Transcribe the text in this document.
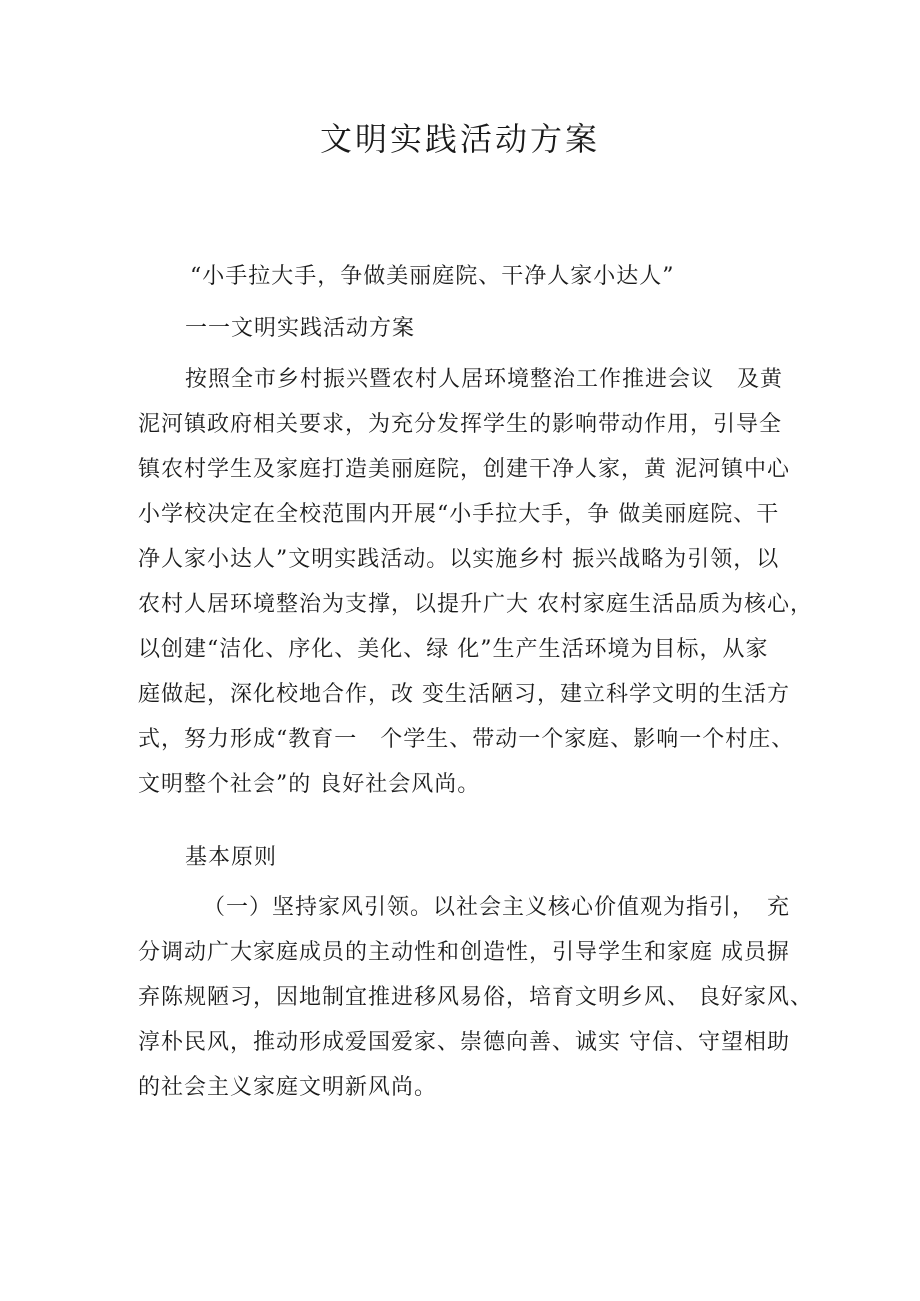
文明实践活动方案
“小手拉大手，争做美丽庭院、干净人家小达人”
一一文明实践活动方案
按照全市乡村振兴暨农村人居环境整治工作推进会议　及黄
泥河镇政府相关要求，为充分发挥学生的影响带动作用，引导全
镇农村学生及家庭打造美丽庭院，创建干净人家，黄 泥河镇中心
小学校决定在全校范围内开展“小手拉大手，争 做美丽庭院、干
净人家小达人”文明实践活动。以实施乡村 振兴战略为引领，以
农村人居环境整治为支撑，以提升广大 农村家庭生活品质为核心，
以创建“洁化、序化、美化、绿 化”生产生活环境为目标，从家
庭做起，深化校地合作，改 变生活陋习，建立科学文明的生活方
式，努力形成“教育一　个学生、带动一个家庭、影响一个村庄、
文明整个社会”的 良好社会风尚。
基本原则
（一）坚持家风引领。以社会主义核心价值观为指引，　充
分调动广大家庭成员的主动性和创造性，引导学生和家庭 成员摒
弃陈规陋习，因地制宜推进移风易俗，培育文明乡风、 良好家风、
淳朴民风，推动形成爱国爱家、崇德向善、诚实 守信、守望相助
的社会主义家庭文明新风尚。
